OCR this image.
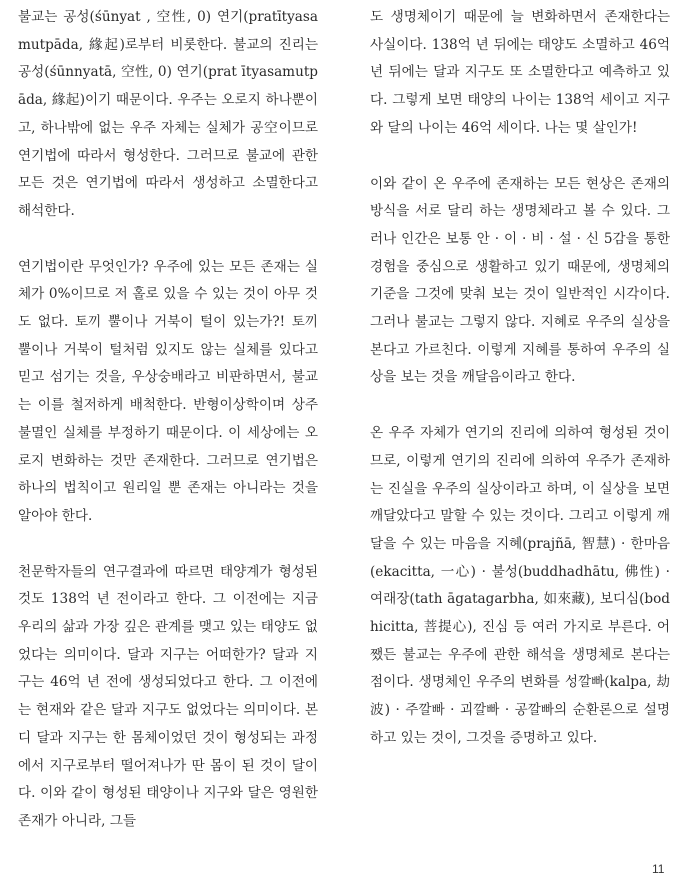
불교는 공성(śūnyat , 空性, 0) 연기(pratītyasamutpāda, 緣起)로부터 비롯한다. 불교의 진리는 공성(śūnnyatā, 空性, 0) 연기(prat ītyasamutpāda, 緣起)이기 때문이다. 우주는 오로지 하나뿐이고, 하나밖에 없는 우주 자체는 실체가 공空이므로 연기법에 따라서 형성한다. 그러므로 불교에 관한 모든 것은 연기법에 따라서 생성하고 소멸한다고 해석한다.

연기법이란 무엇인가? 우주에 있는 모든 존재는 실체가 0%이므로 저 홀로 있을 수 있는 것이 아무 것도 없다. 토끼 뿔이나 거북이 털이 있는가?! 토끼 뿔이나 거북이 털처럼 있지도 않는 실체를 있다고 믿고 섬기는 것을, 우상숭배라고 비판하면서, 불교는 이를 철저하게 배척한다. 반형이상학이며 상주불멸인 실체를 부정하기 때문이다. 이 세상에는 오로지 변화하는 것만 존재한다. 그러므로 연기법은 하나의 법칙이고 원리일 뿐 존재는 아니라는 것을 알아야 한다.

천문학자들의 연구결과에 따르면 태양계가 형성된 것도 138억 년 전이라고 한다. 그 이전에는 지금 우리의 삶과 가장 깊은 관계를 맺고 있는 태양도 없었다는 의미이다. 달과 지구는 어떠한가? 달과 지구는 46억 년 전에 생성되었다고 한다. 그 이전에는 현재와 같은 달과 지구도 없었다는 의미이다. 본디 달과 지구는 한 몸체이었던 것이 형성되는 과정에서 지구로부터 떨어져나가 딴 몸이 된 것이 달이다. 이와 같이 형성된 태양이나 지구와 달은 영원한 존재가 아니라, 그들

도 생명체이기 때문에 늘 변화하면서 존재한다는 사실이다. 138억 년 뒤에는 태양도 소멸하고 46억 년 뒤에는 달과 지구도 또 소멸한다고 예측하고 있다. 그렇게 보면 태양의 나이는 138억 세이고 지구와 달의 나이는 46억 세이다. 나는 몇 살인가!

이와 같이 온 우주에 존재하는 모든 현상은 존재의 방식을 서로 달리 하는 생명체라고 볼 수 있다. 그러나 인간은 보통 안 · 이 · 비 · 설 · 신 5감을 통한 경험을 중심으로 생활하고 있기 때문에, 생명체의 기준을 그것에 맞춰 보는 것이 일반적인 시각이다. 그러나 불교는 그렇지 않다. 지혜로 우주의 실상을 본다고 가르친다. 이렇게 지혜를 통하여 우주의 실상을 보는 것을 깨달음이라고 한다.

온 우주 자체가 연기의 진리에 의하여 형성된 것이므로, 이렇게 연기의 진리에 의하여 우주가 존재하는 진실을 우주의 실상이라고 하며, 이 실상을 보면 깨달았다고 말할 수 있는 것이다. 그리고 이렇게 깨달을 수 있는 마음을 지혜(prajñā, 智慧) · 한마음(ekacitta, 一心) · 불성(buddhadhātu, 佛性) · 여래장(tath āgatagarbha, 如來藏), 보디심(bodhicitta, 菩提心), 진심 등 여러 가지로 부른다. 어쨌든 불교는 우주에 관한 해석을 생명체로 본다는 점이다. 생명체인 우주의 변화를 성깔빠(kalpa, 劫波) · 주깔빠 · 괴깔빠 · 공깔빠의 순환론으로 설명하고 있는 것이, 그것을 증명하고 있다.

11
